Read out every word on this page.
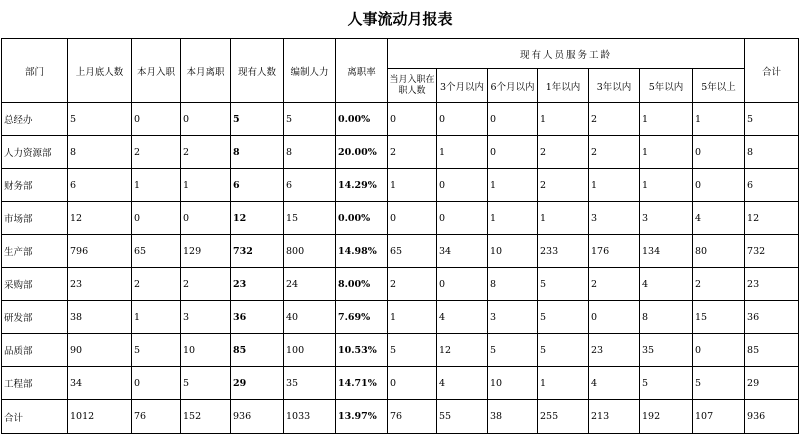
人事流动月报表
部门	上月底人数	本月入职	本月离职	现有人数	编制人力	离职率	现有人员服务工龄							合计
							当月入职在职人数	3个月以内	6个月以内	1年以内	3年以内	5年以内	5年以上	
总经办	5	0	0	5	5	0.00%	0	0	0	1	2	1	1	5
人力资源部	8	2	2	8	8	20.00%	2	1	0	2	2	1	0	8
财务部	6	1	1	6	6	14.29%	1	0	1	2	1	1	0	6
市场部	12	0	0	12	15	0.00%	0	0	1	1	3	3	4	12
生产部	796	65	129	732	800	14.98%	65	34	10	233	176	134	80	732
采购部	23	2	2	23	24	8.00%	2	0	8	5	2	4	2	23
研发部	38	1	3	36	40	7.69%	1	4	3	5	0	8	15	36
品质部	90	5	10	85	100	10.53%	5	12	5	5	23	35	0	85
工程部	34	0	5	29	35	14.71%	0	4	10	1	4	5	5	29
合计	1012	76	152	936	1033	13.97%	76	55	38	255	213	192	107	936
